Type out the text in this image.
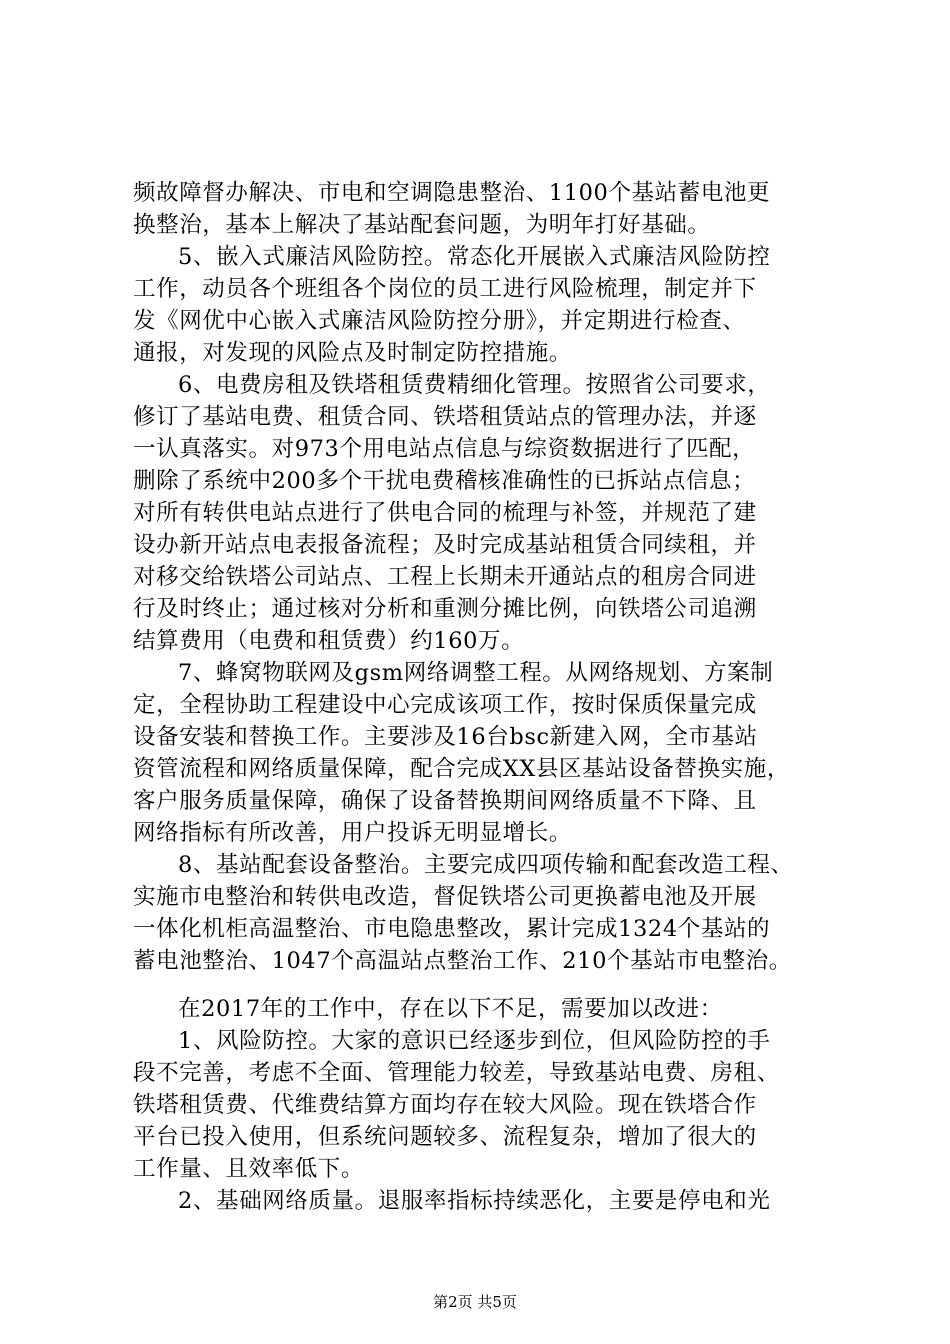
频故障督办解决、市电和空调隐患整治、1100个基站蓄电池更
换整治，基本上解决了基站配套问题，为明年打好基础。
5、嵌入式廉洁风险防控。常态化开展嵌入式廉洁风险防控
工作，动员各个班组各个岗位的员工进行风险梳理，制定并下
发《网优中心嵌入式廉洁风险防控分册》，并定期进行检查、
通报，对发现的风险点及时制定防控措施。
6、电费房租及铁塔租赁费精细化管理。按照省公司要求，
修订了基站电费、租赁合同、铁塔租赁站点的管理办法，并逐
一认真落实。对973个用电站点信息与综资数据进行了匹配，
删除了系统中200多个干扰电费稽核准确性的已拆站点信息；
对所有转供电站点进行了供电合同的梳理与补签，并规范了建
设办新开站点电表报备流程；及时完成基站租赁合同续租，并
对移交给铁塔公司站点、工程上长期未开通站点的租房合同进
行及时终止；通过核对分析和重测分摊比例，向铁塔公司追溯
结算费用（电费和租赁费）约160万。
7、蜂窝物联网及gsm网络调整工程。从网络规划、方案制
定，全程协助工程建设中心完成该项工作，按时保质保量完成
设备安装和替换工作。主要涉及16台bsc新建入网，全市基站
资管流程和网络质量保障，配合完成XX县区基站设备替换实施，
客户服务质量保障，确保了设备替换期间网络质量不下降、且
网络指标有所改善，用户投诉无明显增长。
8、基站配套设备整治。主要完成四项传输和配套改造工程、
实施市电整治和转供电改造，督促铁塔公司更换蓄电池及开展
一体化机柜高温整治、市电隐患整改，累计完成1324个基站的
蓄电池整治、1047个高温站点整治工作、210个基站市电整治。
在2017年的工作中，存在以下不足，需要加以改进：
1、风险防控。大家的意识已经逐步到位，但风险防控的手
段不完善，考虑不全面、管理能力较差，导致基站电费、房租、
铁塔租赁费、代维费结算方面均存在较大风险。现在铁塔合作
平台已投入使用，但系统问题较多、流程复杂，增加了很大的
工作量、且效率低下。
2、基础网络质量。退服率指标持续恶化，主要是停电和光
第2页 共5页
